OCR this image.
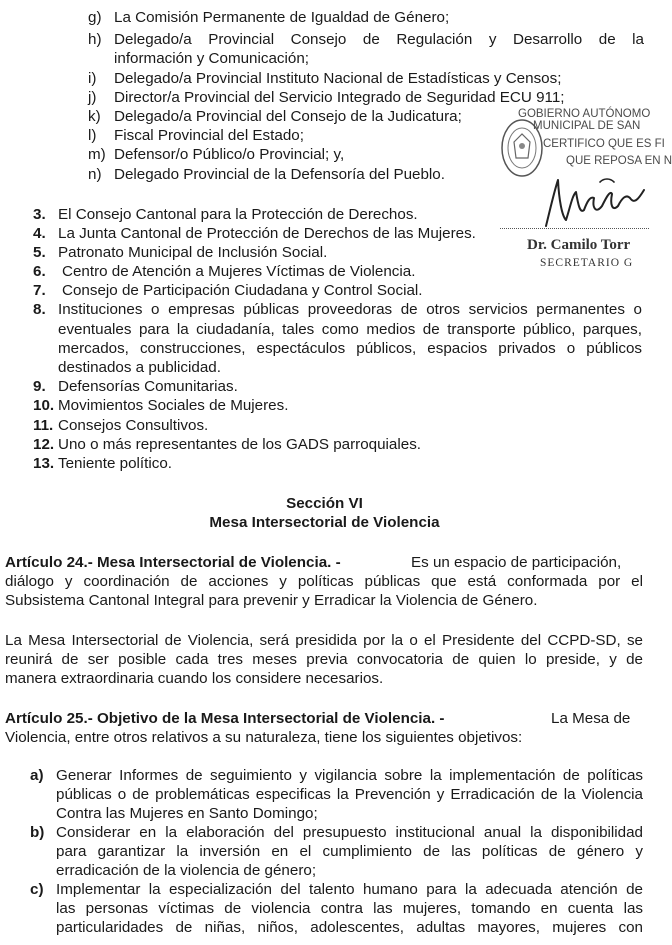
g) La Comisión Permanente de Igualdad de Género;
h) Delegado/a Provincial Consejo de Regulación y Desarrollo de la
información y Comunicación;
i) Delegado/a Provincial Instituto Nacional de Estadísticas y Censos;
j) Director/a Provincial del Servicio Integrado de Seguridad ECU 911;
k) Delegado/a Provincial del Consejo de la Judicatura;
l) Fiscal Provincial del Estado;
m) Defensor/o Público/o Provincial; y,
n) Delegado Provincial de la Defensoría del Pueblo.
3. El Consejo Cantonal para la Protección de Derechos.
4. La Junta Cantonal de Protección de Derechos de las Mujeres.
5. Patronato Municipal de Inclusión Social.
6. Centro de Atención a Mujeres Víctimas de Violencia.
7. Consejo de Participación Ciudadana y Control Social.
8. Instituciones o empresas públicas proveedoras de otros servicios permanentes o
eventuales para la ciudadanía, tales como medios de transporte público, parques,
mercados, construcciones, espectáculos públicos, espacios privados o públicos
destinados a publicidad.
9. Defensorías Comunitarias.
10. Movimientos Sociales de Mujeres.
11. Consejos Consultivos.
12. Uno o más representantes de los GADS parroquiales.
13. Teniente político.
Sección VI
Mesa Intersectorial de Violencia
Artículo 24.- Mesa Intersectorial de Violencia. -	Es un espacio de participación,
diálogo y coordinación de acciones y políticas públicas que está conformada por el
Subsistema Cantonal Integral para prevenir y Erradicar la Violencia de Género.
La Mesa Intersectorial de Violencia, será presidida por la o el Presidente del CCPD-SD, se
reunirá de ser posible cada tres meses previa convocatoria de quien lo preside, y de
manera extraordinaria cuando los considere necesarios.
Artículo 25.- Objetivo de la Mesa Intersectorial de Violencia. -	La Mesa de
Violencia, entre otros relativos a su naturaleza, tiene los siguientes objetivos:
a) Generar Informes de seguimiento y vigilancia sobre la implementación de políticas
públicas o de problemáticas especificas la Prevención y Erradicación de la Violencia
Contra las Mujeres en Santo Domingo;
b) Considerar en la elaboración del presupuesto institucional anual la disponibilidad
para garantizar la inversión en el cumplimiento de las políticas de género y
erradicación de la violencia de género;
c) Implementar la especialización del talento humano para la adecuada atención de
las personas víctimas de violencia contra las mujeres, tomando en cuenta las
particularidades de niñas, niños, adolescentes, adultas mayores, mujeres con
GOBIERNO AUTÓNOMO
MUNICIPAL DE SAN
CERTIFICO QUE ES FI
QUE REPOSA EN N
Dr. Camilo Torr
SECRETARIO G
